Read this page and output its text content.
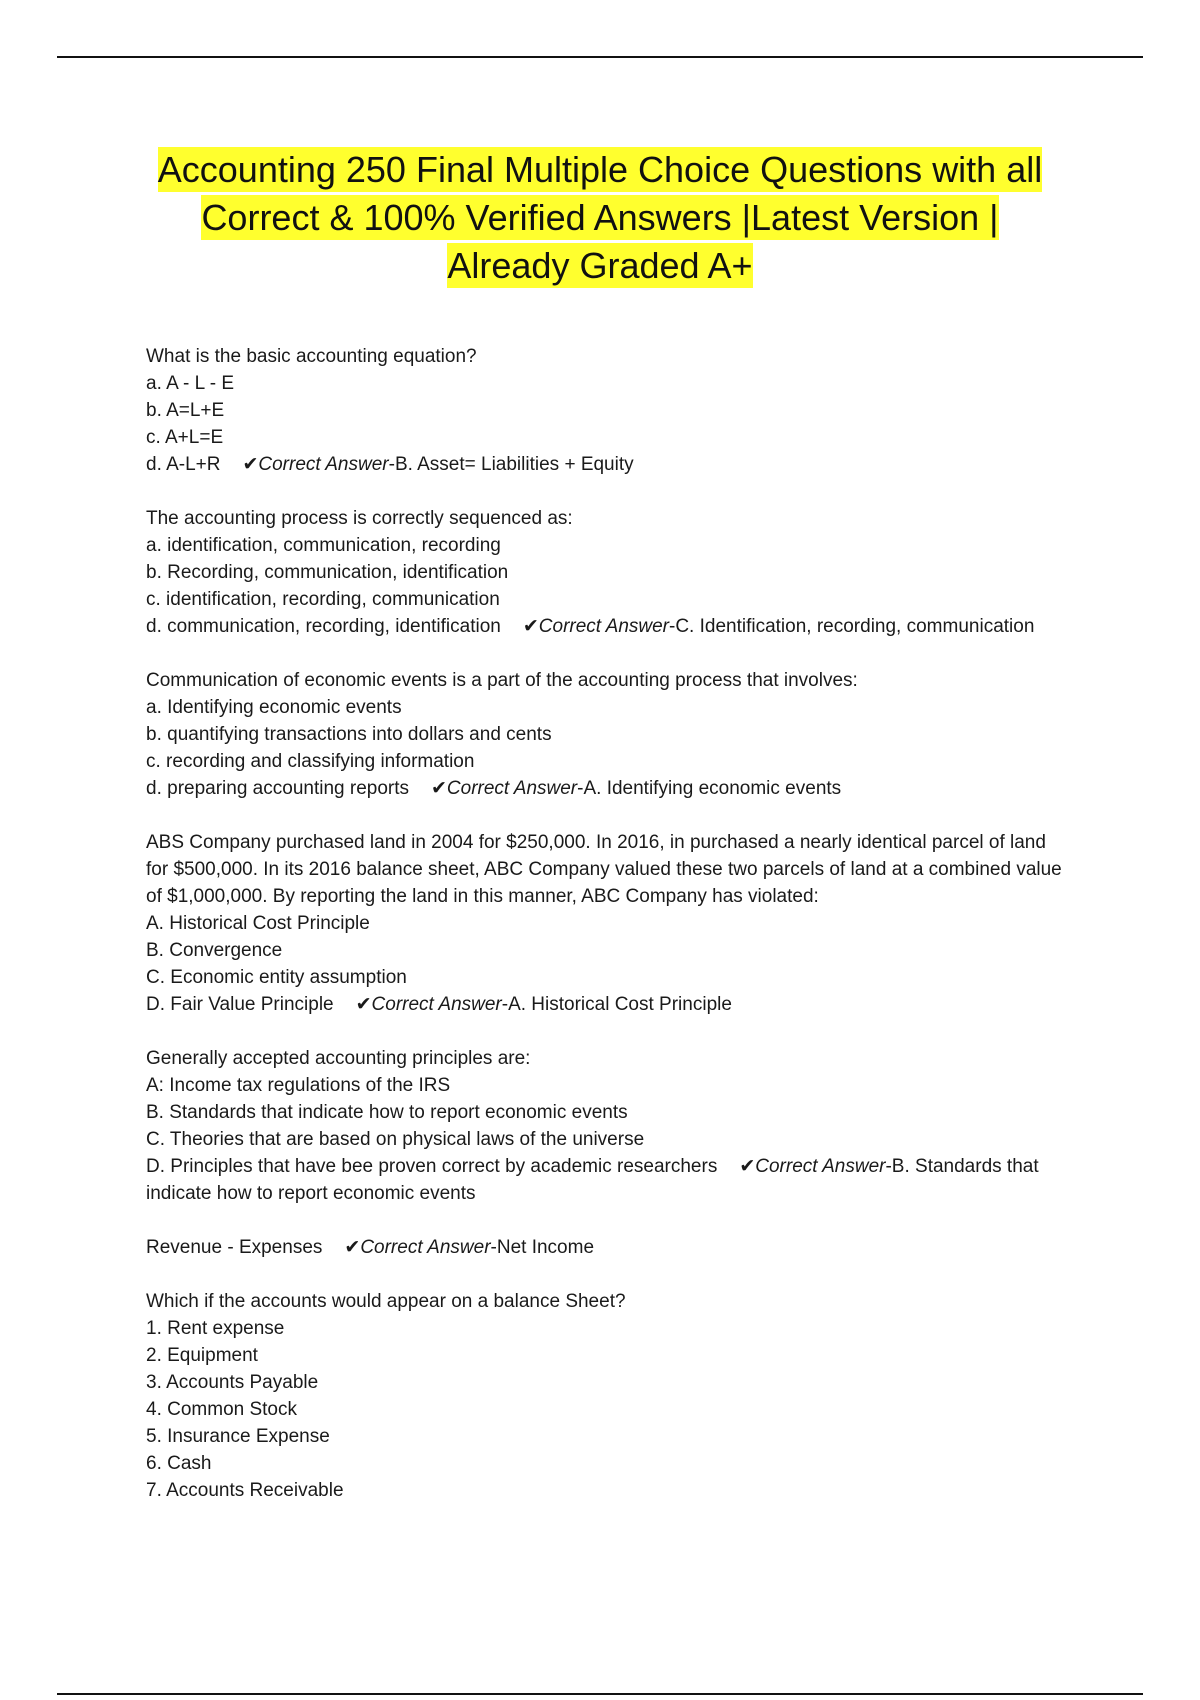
Accounting 250 Final Multiple Choice Questions with all
Correct & 100% Verified Answers |Latest Version |
Already Graded A+
What is the basic accounting equation?
a. A - L - E
b. A=L+E
c. A+L=E
d. A-L+R ✔Correct Answer-B. Asset= Liabilities + Equity
The accounting process is correctly sequenced as:
a. identification, communication, recording
b. Recording, communication, identification
c. identification, recording, communication
d. communication, recording, identification ✔Correct Answer-C. Identification, recording, communication
Communication of economic events is a part of the accounting process that involves:
a. Identifying economic events
b. quantifying transactions into dollars and cents
c. recording and classifying information
d. preparing accounting reports ✔Correct Answer-A. Identifying economic events
ABS Company purchased land in 2004 for $250,000. In 2016, in purchased a nearly identical parcel of land for $500,000. In its 2016 balance sheet, ABC Company valued these two parcels of land at a combined value of $1,000,000. By reporting the land in this manner, ABC Company has violated:
A. Historical Cost Principle
B. Convergence
C. Economic entity assumption
D. Fair Value Principle ✔Correct Answer-A. Historical Cost Principle
Generally accepted accounting principles are:
A: Income tax regulations of the IRS
B. Standards that indicate how to report economic events
C. Theories that are based on physical laws of the universe
D. Principles that have bee proven correct by academic researchers ✔Correct Answer-B. Standards that indicate how to report economic events
Revenue - Expenses ✔Correct Answer-Net Income
Which if the accounts would appear on a balance Sheet?
1. Rent expense
2. Equipment
3. Accounts Payable
4. Common Stock
5. Insurance Expense
6. Cash
7. Accounts Receivable
